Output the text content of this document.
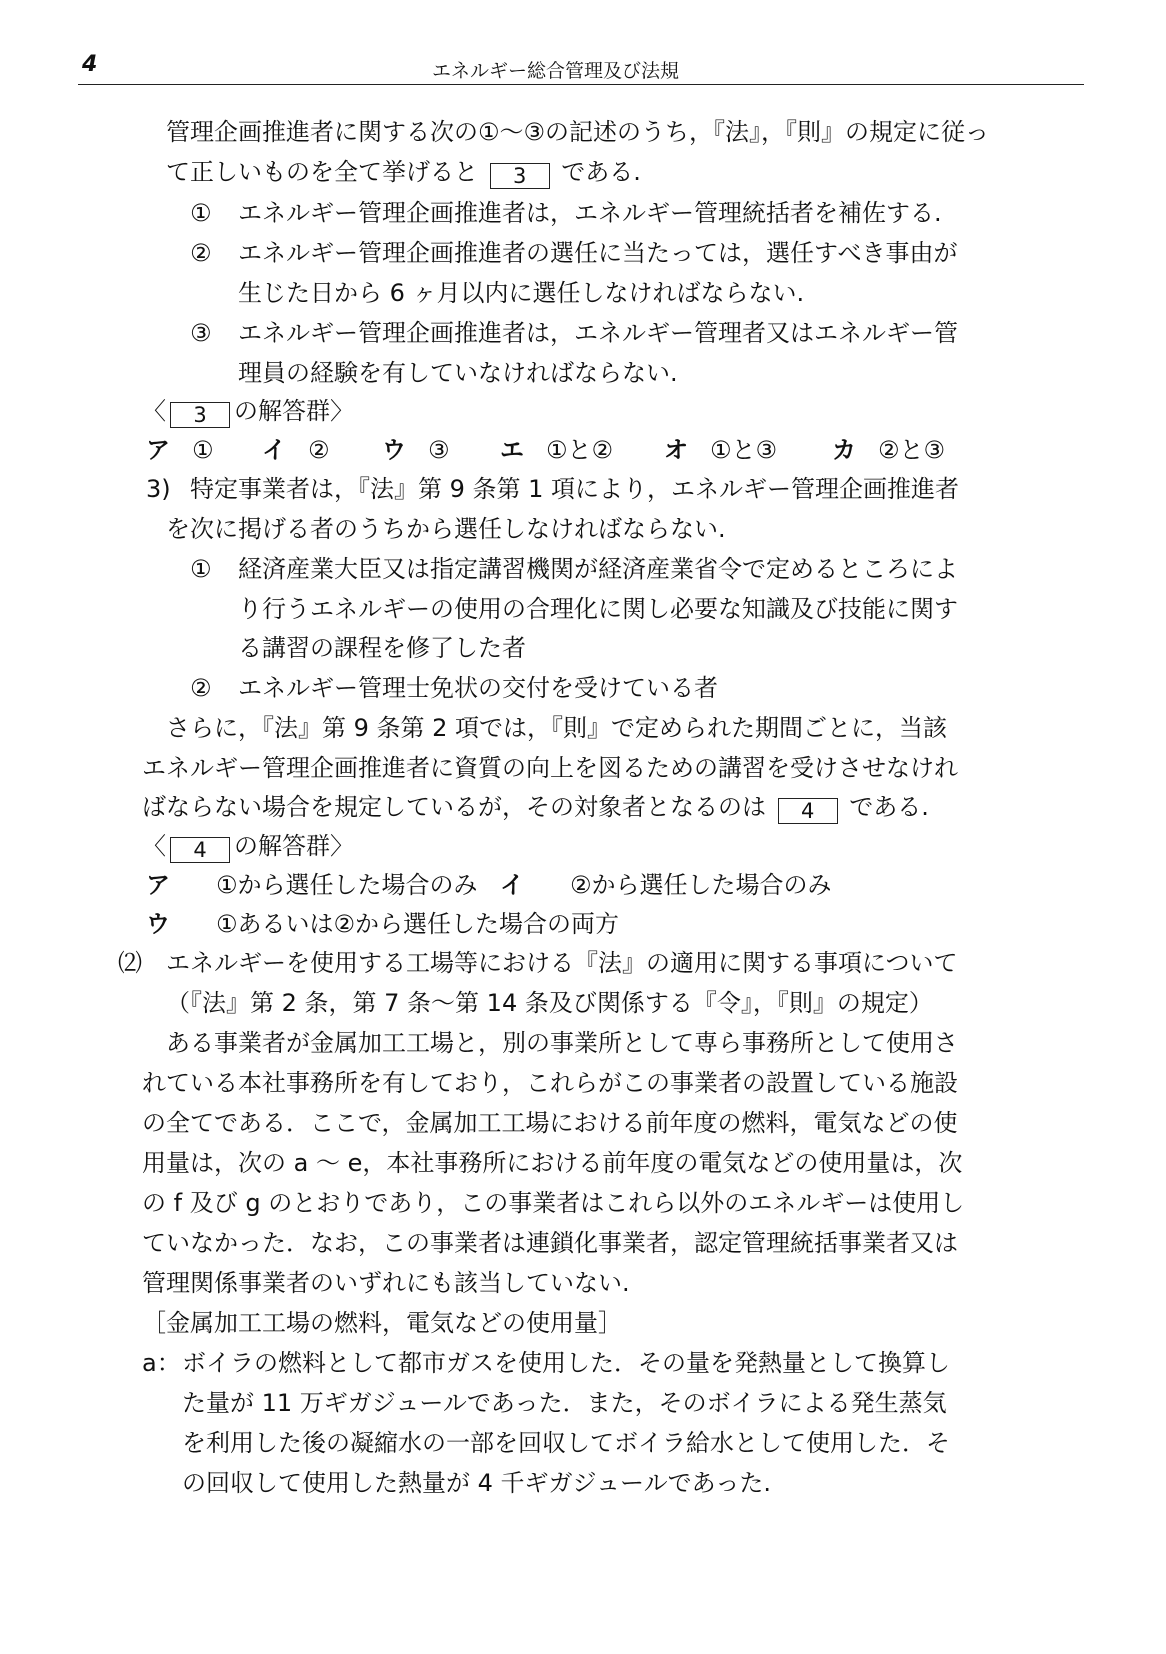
4	エネルギー総合管理及び法規
管理企画推進者に関する次の①～③の記述のうち，『法』，『則』の規定に従っ
て正しいものを全て挙げると 3 である.
① エネルギー管理企画推進者は，エネルギー管理統括者を補佐する.
② エネルギー管理企画推進者の選任に当たっては，選任すべき事由が
生じた日から 6 ヶ月以内に選任しなければならない.
③ エネルギー管理企画推進者は，エネルギー管理者又はエネルギー管
理員の経験を有していなければならない.
〈 3 の解答群〉
ア ① イ ② ウ ③ エ ①と② オ ①と③ カ ②と③
3) 特定事業者は，『法』第 9 条第 1 項により，エネルギー管理企画推進者
を次に掲げる者のうちから選任しなければならない.
① 経済産業大臣又は指定講習機関が経済産業省令で定めるところによ
り行うエネルギーの使用の合理化に関し必要な知識及び技能に関す
る講習の課程を修了した者
② エネルギー管理士免状の交付を受けている者
さらに，『法』第 9 条第 2 項では，『則』で定められた期間ごとに，当該
エネルギー管理企画推進者に資質の向上を図るための講習を受けさせなけれ
ばならない場合を規定しているが，その対象者となるのは 4 である.
〈 4 の解答群〉
ア ①から選任した場合のみ イ ②から選任した場合のみ
ウ ①あるいは②から選任した場合の両方
⑵ エネルギーを使用する工場等における『法』の適用に関する事項について
（『法』第 2 条，第 7 条～第 14 条及び関係する『令』，『則』の規定）
ある事業者が金属加工工場と，別の事業所として専ら事務所として使用さ
れている本社事務所を有しており，これらがこの事業者の設置している施設
の全てである．ここで，金属加工工場における前年度の燃料，電気などの使
用量は，次の a ～ e，本社事務所における前年度の電気などの使用量は，次
の f 及び g のとおりであり，この事業者はこれら以外のエネルギーは使用し
ていなかった．なお，この事業者は連鎖化事業者，認定管理統括事業者又は
管理関係事業者のいずれにも該当していない.
［金属加工工場の燃料，電気などの使用量］
a： ボイラの燃料として都市ガスを使用した．その量を発熱量として換算し
た量が 11 万ギガジュールであった．また，そのボイラによる発生蒸気
を利用した後の凝縮水の一部を回収してボイラ給水として使用した．そ
の回収して使用した熱量が 4 千ギガジュールであった.
